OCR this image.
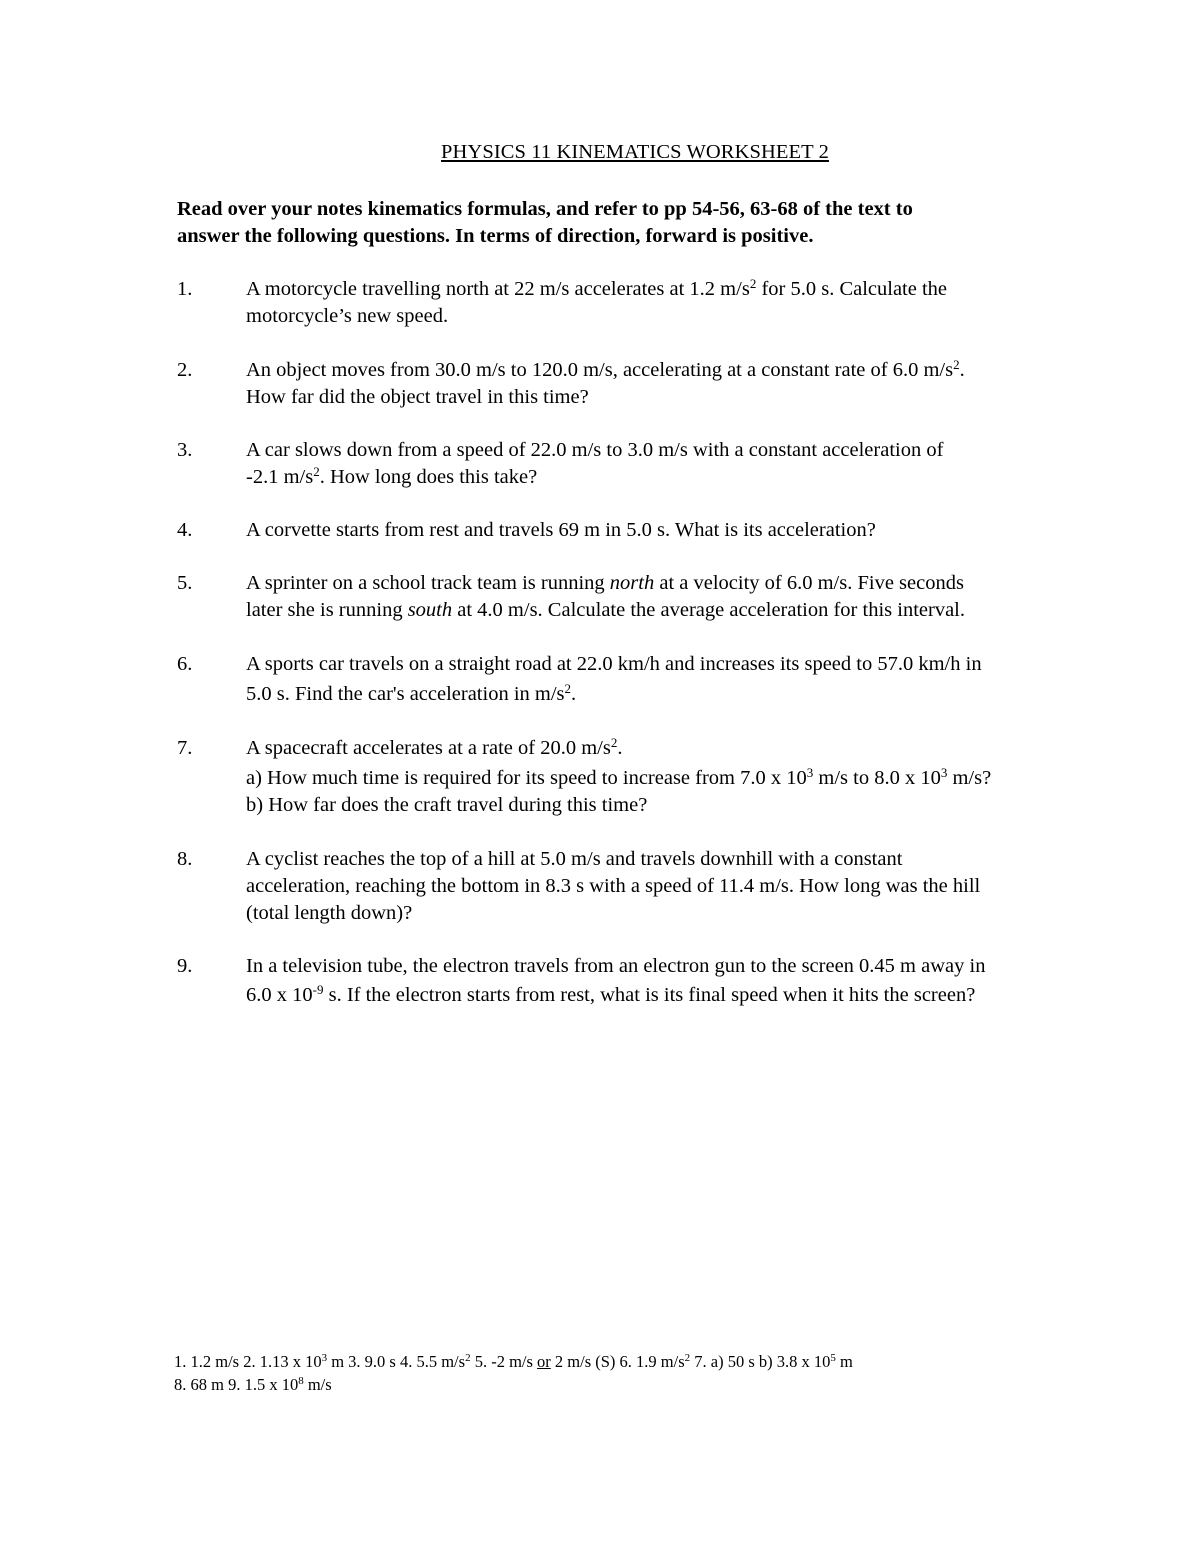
PHYSICS 11 KINEMATICS WORKSHEET 2
Read over your notes kinematics formulas, and refer to pp 54-56, 63-68 of the text to
answer the following questions. In terms of direction, forward is positive.
1.	A motorcycle travelling north at 22 m/s accelerates at 1.2 $m/s^2$ for 5.0 s. Calculate the
motorcycle’s new speed.
2.	An object moves from 30.0 m/s to 120.0 m/s, accelerating at a constant rate of 6.0 $m/s^2$.
How far did the object travel in this time?
3.	A car slows down from a speed of 22.0 m/s to 3.0 m/s with a constant acceleration of
-2.1 $m/s^2$. How long does this take?
4.	A corvette starts from rest and travels 69 m in 5.0 s. What is its acceleration?
5.	A sprinter on a school track team is running north at a velocity of 6.0 m/s. Five seconds
later she is running south at 4.0 m/s. Calculate the average acceleration for this interval.
6.	A sports car travels on a straight road at 22.0 km/h and increases its speed to 57.0 km/h in
5.0 s. Find the car's acceleration in $m/s^2$.
7.	A spacecraft accelerates at a rate of 20.0 $m/s^2$.
a) How much time is required for its speed to increase from 7.0 x $10^3$ m/s to 8.0 x $10^3$ m/s?
b) How far does the craft travel during this time?
8.	A cyclist reaches the top of a hill at 5.0 m/s and travels downhill with a constant
acceleration, reaching the bottom in 8.3 s with a speed of 11.4 m/s. How long was the hill
(total length down)?
9.	In a television tube, the electron travels from an electron gun to the screen 0.45 m away in
6.0 x $10^{-9}$ s. If the electron starts from rest, what is its final speed when it hits the screen?
1. 1.2 m/s 2. 1.13 x $10^3$ m 3. 9.0 s 4. 5.5 $m/s^2$ 5. -2 m/s or 2 m/s (S) 6. 1.9 $m/s^2$ 7. a) 50 s b) 3.8 x $10^5$ m
8. 68 m 9. 1.5 x $10^8$ m/s
